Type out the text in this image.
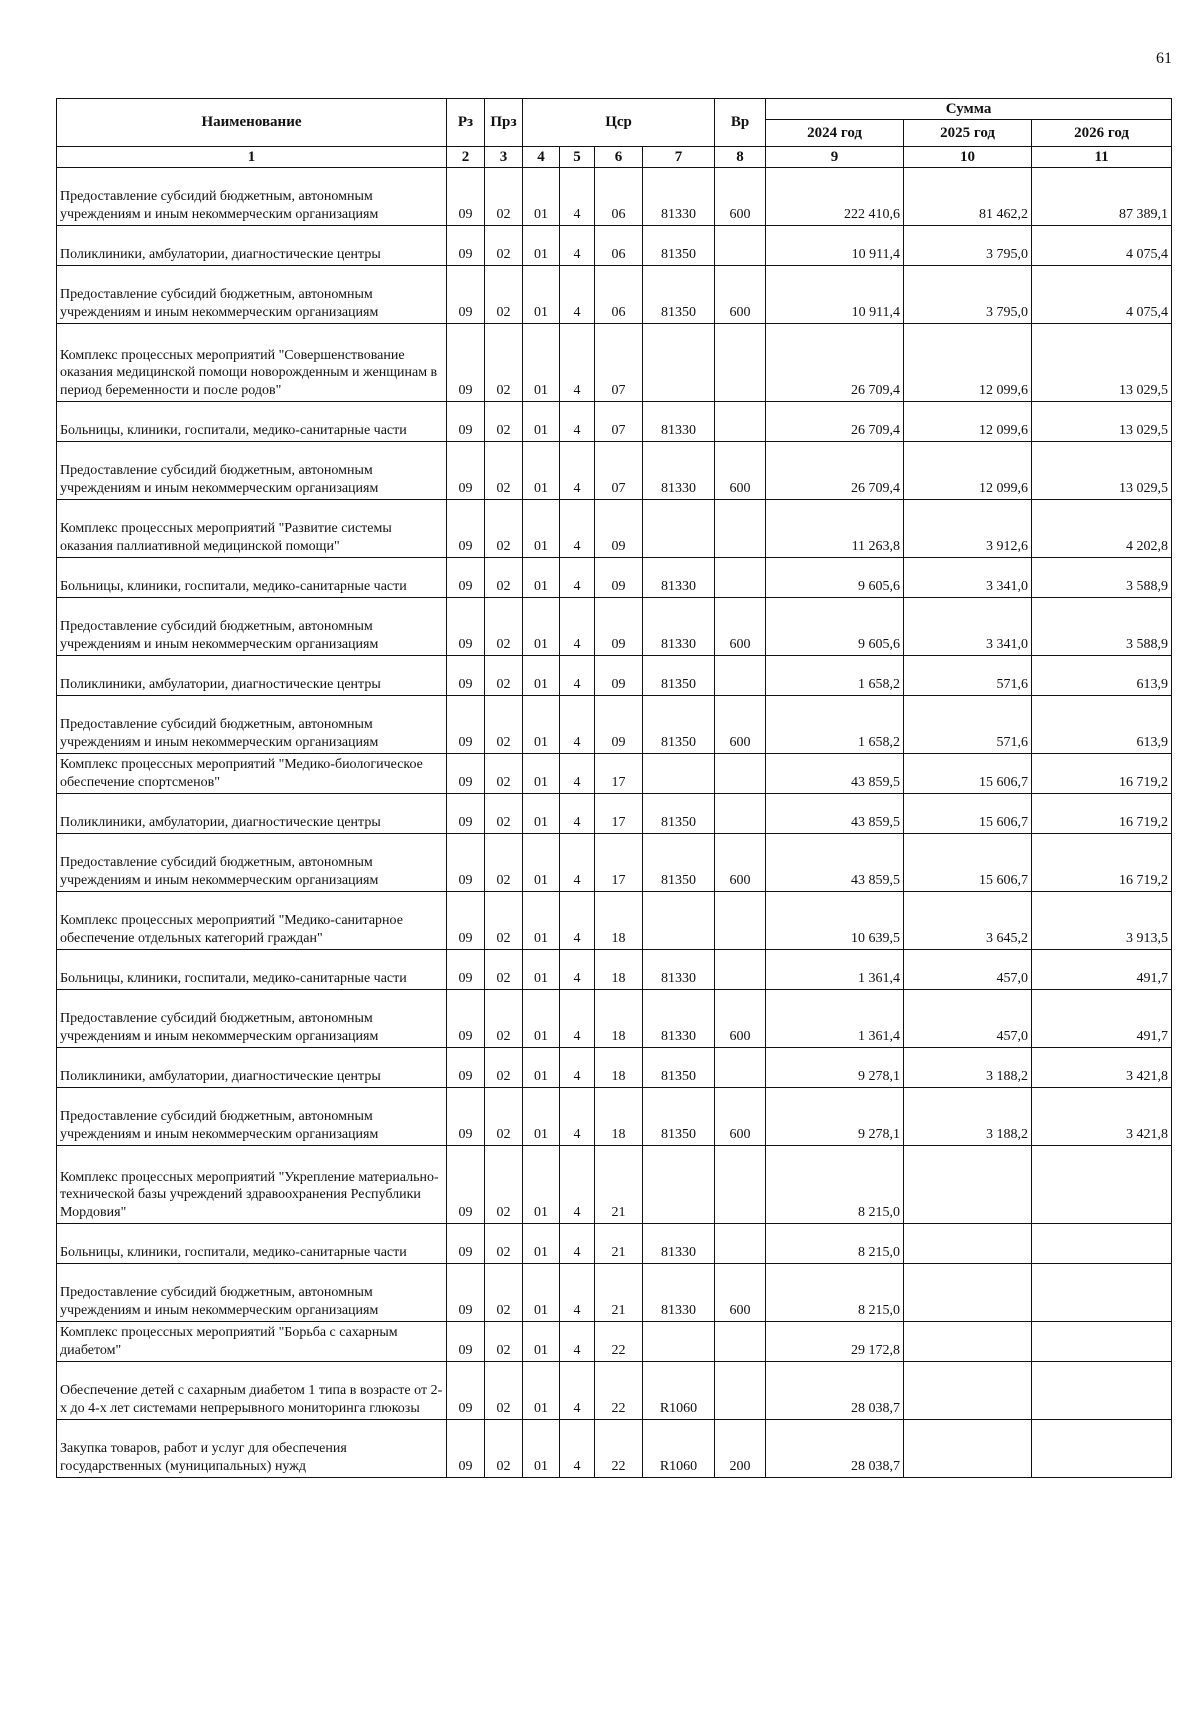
61
Наименование	Рз	Прз	Цср				Вр	Сумма		
								2024 год	2025 год	2026 год
1	2	3	4	5	6	7	8	9	10	11
Предоставление субсидий бюджетным, автономным учреждениям и иным некоммерческим организациям	09	02	01	4	06	81330	600	222 410,6	81 462,2	87 389,1
Поликлиники, амбулатории, диагностические центры	09	02	01	4	06	81350		10 911,4	3 795,0	4 075,4
Предоставление субсидий бюджетным, автономным учреждениям и иным некоммерческим организациям	09	02	01	4	06	81350	600	10 911,4	3 795,0	4 075,4
Комплекс процессных мероприятий "Совершенствование оказания медицинской помощи новорожденным и женщинам в период беременности и после родов"	09	02	01	4	07			26 709,4	12 099,6	13 029,5
Больницы, клиники, госпитали, медико-санитарные части	09	02	01	4	07	81330		26 709,4	12 099,6	13 029,5
Предоставление субсидий бюджетным, автономным учреждениям и иным некоммерческим организациям	09	02	01	4	07	81330	600	26 709,4	12 099,6	13 029,5
Комплекс процессных мероприятий "Развитие системы оказания паллиативной медицинской помощи"	09	02	01	4	09			11 263,8	3 912,6	4 202,8
Больницы, клиники, госпитали, медико-санитарные части	09	02	01	4	09	81330		9 605,6	3 341,0	3 588,9
Предоставление субсидий бюджетным, автономным учреждениям и иным некоммерческим организациям	09	02	01	4	09	81330	600	9 605,6	3 341,0	3 588,9
Поликлиники, амбулатории, диагностические центры	09	02	01	4	09	81350		1 658,2	571,6	613,9
Предоставление субсидий бюджетным, автономным учреждениям и иным некоммерческим организациям	09	02	01	4	09	81350	600	1 658,2	571,6	613,9
Комплекс процессных мероприятий "Медико-биологическое обеспечение спортсменов"	09	02	01	4	17			43 859,5	15 606,7	16 719,2
Поликлиники, амбулатории, диагностические центры	09	02	01	4	17	81350		43 859,5	15 606,7	16 719,2
Предоставление субсидий бюджетным, автономным учреждениям и иным некоммерческим организациям	09	02	01	4	17	81350	600	43 859,5	15 606,7	16 719,2
Комплекс процессных мероприятий "Медико-санитарное обеспечение отдельных категорий граждан"	09	02	01	4	18			10 639,5	3 645,2	3 913,5
Больницы, клиники, госпитали, медико-санитарные части	09	02	01	4	18	81330		1 361,4	457,0	491,7
Предоставление субсидий бюджетным, автономным учреждениям и иным некоммерческим организациям	09	02	01	4	18	81330	600	1 361,4	457,0	491,7
Поликлиники, амбулатории, диагностические центры	09	02	01	4	18	81350		9 278,1	3 188,2	3 421,8
Предоставление субсидий бюджетным, автономным учреждениям и иным некоммерческим организациям	09	02	01	4	18	81350	600	9 278,1	3 188,2	3 421,8
Комплекс процессных мероприятий "Укрепление материально-технической базы учреждений здравоохранения Республики Мордовия"	09	02	01	4	21			8 215,0		
Больницы, клиники, госпитали, медико-санитарные части	09	02	01	4	21	81330		8 215,0		
Предоставление субсидий бюджетным, автономным учреждениям и иным некоммерческим организациям	09	02	01	4	21	81330	600	8 215,0		
Комплекс процессных мероприятий "Борьба с сахарным диабетом"	09	02	01	4	22			29 172,8		
Обеспечение детей с сахарным диабетом 1 типа в возрасте от 2-х до 4-х лет системами непрерывного мониторинга глюкозы	09	02	01	4	22	R1060		28 038,7		
Закупка товаров, работ и услуг для обеспечения государственных (муниципальных) нужд	09	02	01	4	22	R1060	200	28 038,7		
